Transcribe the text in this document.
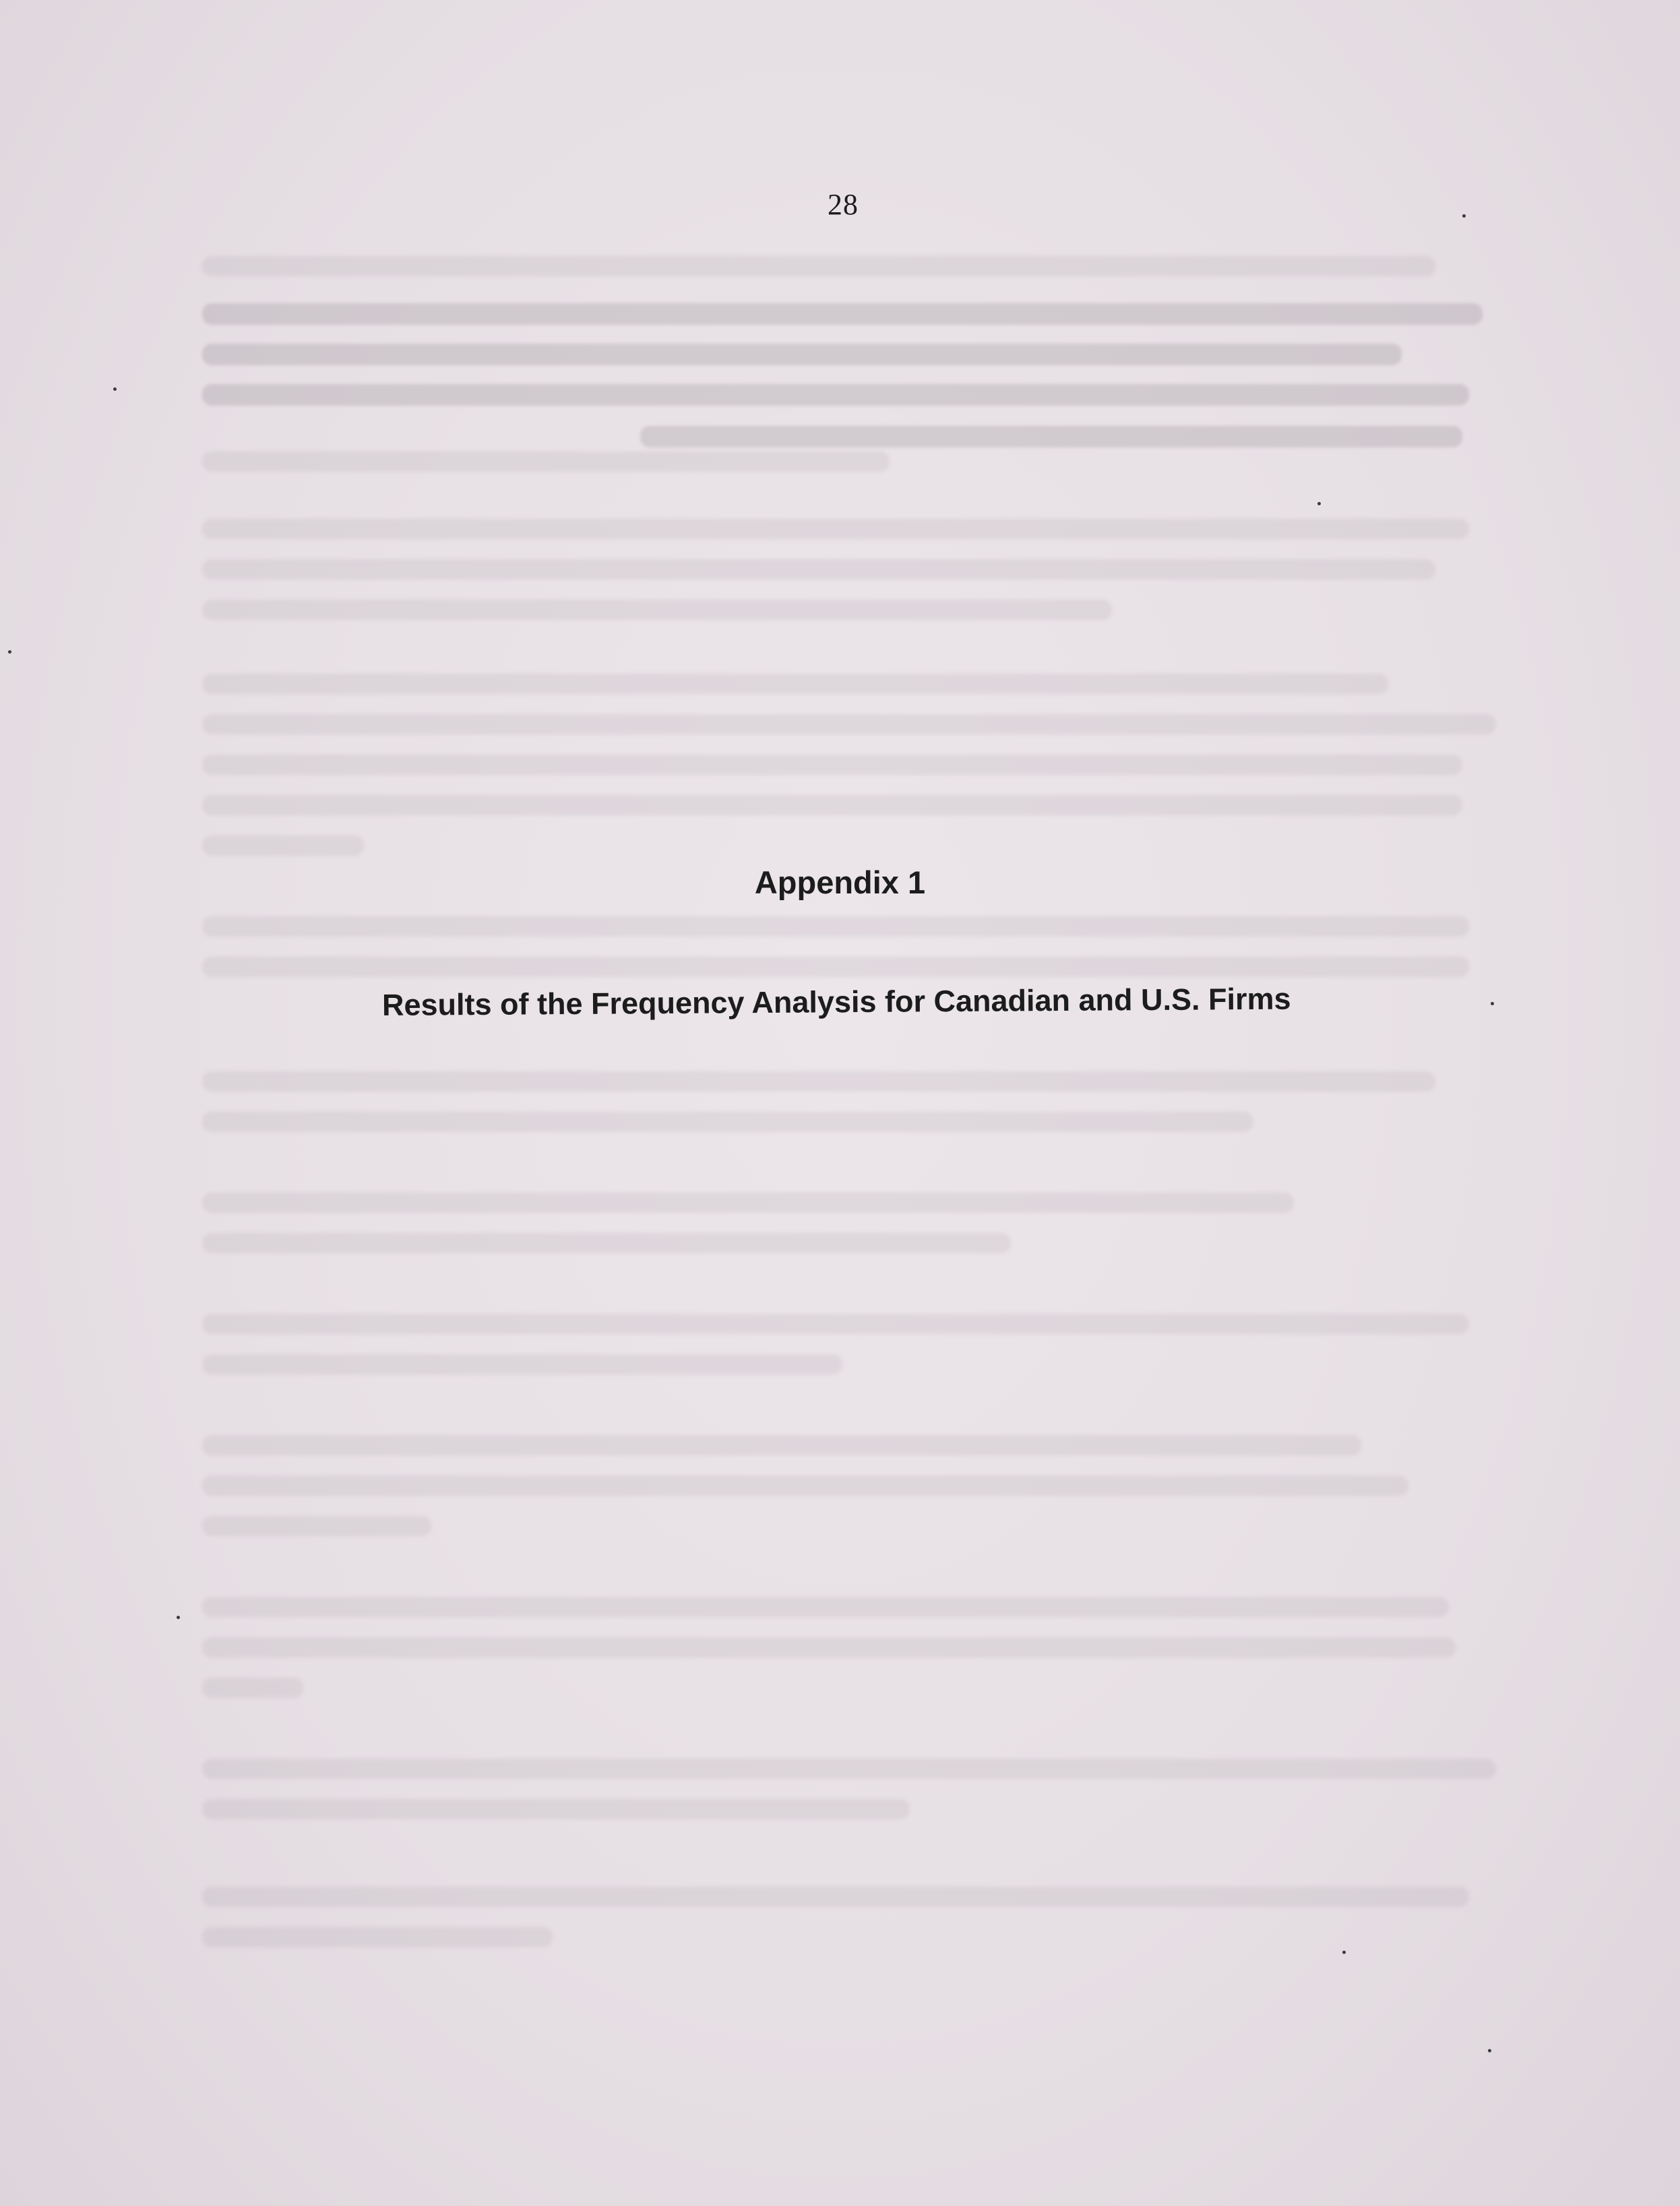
28
Appendix 1
Results of the Frequency Analysis for Canadian and U.S. Firms
